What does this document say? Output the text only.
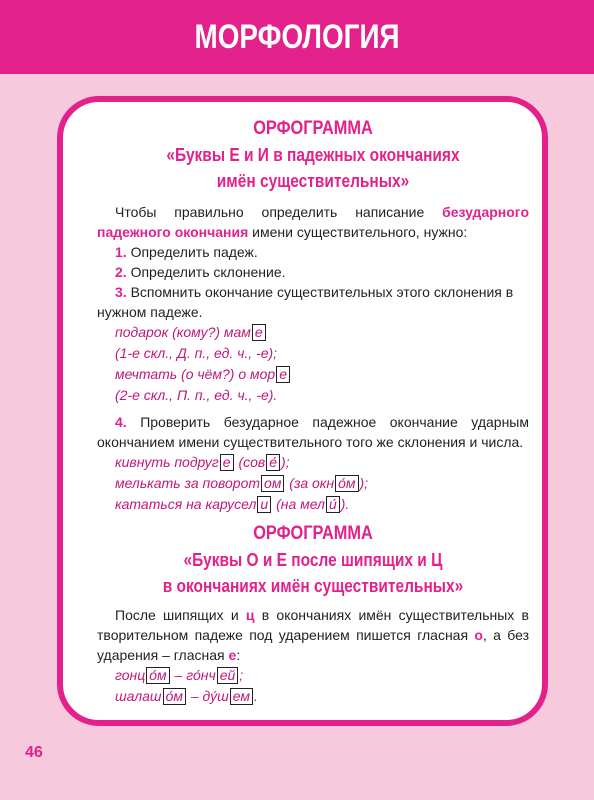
МОРФОЛОГИЯ
ОРФОГРАММА
«Буквы Е и И в падежных окончаниях
имён существительных»

Чтобы правильно определить написание безударного падежного окончания имени существительного, нужно:

1. Определить падеж.
2. Определить склонение.
3. Вспомнить окончание существительных этого склонения в
нужном падеже.
подарок (кому?) мам е
(1-е скл., Д. п., ед. ч., -е);
мечтать (о чём?) о мор е
(2-е скл., П. п., ед. ч., -е).

4. Проверить безударное падежное окончание ударным окончанием имени существительного того же склонения и числа.

кивнуть подруг е (сов е́ );
мелькать за поворот ом (за окн о́м );
кататься на карусел и (на мел и́ ).
ОРФОГРАММА
«Буквы О и Е после шипящих и Ц
в окончаниях имён существительных»

После шипящих и ц в окончаниях имён существительных в творительном падеже под ударением пишется гласная о, а без ударения – гласная е:

гонц о́м – го́нч ей ;
шалаш о́м – ду́ш ем .
46
